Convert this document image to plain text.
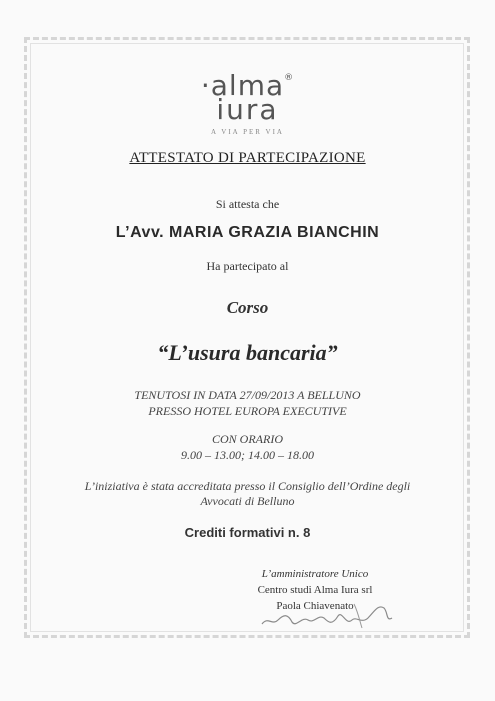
·alma®
iura
A VIA PER VIA
ATTESTATO DI PARTECIPAZIONE
Si attesta che
L’Avv. MARIA GRAZIA BIANCHIN
Ha partecipato al
Corso
“L’usura bancaria”
TENUTOSI IN DATA 27/09/2013 A BELLUNO
PRESSO HOTEL EUROPA EXECUTIVE
CON ORARIO
9.00 – 13.00; 14.00 – 18.00
L’iniziativa è stata accreditata presso il Consiglio dell’Ordine degli
Avvocati di Belluno
Crediti formativi n. 8
L’amministratore Unico
Centro studi Alma Iura srl
Paola Chiavenato
